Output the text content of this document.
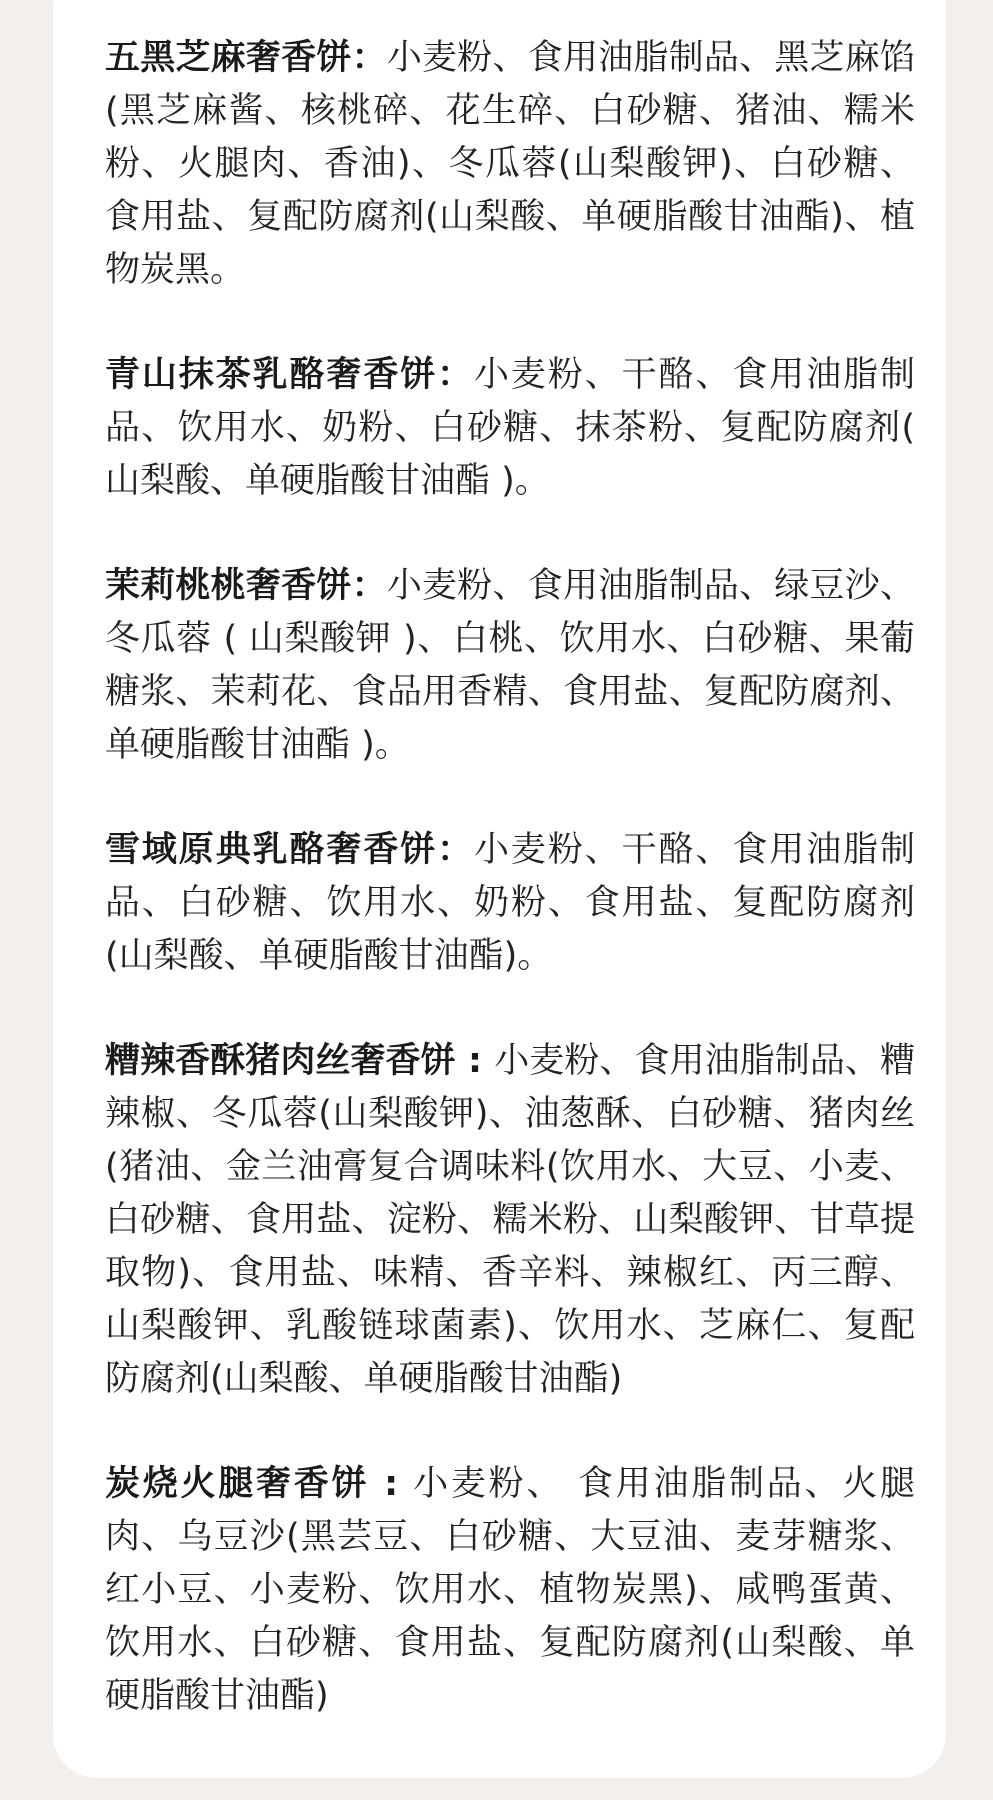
五黑芝麻奢香饼：小麦粉、食用油脂制品、黑芝麻馅(黑芝麻酱、核桃碎、花生碎、白砂糖、猪油、糯米粉、火腿肉、香油)、冬瓜蓉(山梨酸钾)、白砂糖、食用盐、复配防腐剂(山梨酸、单硬脂酸甘油酯)、植物炭黑。
青山抹茶乳酪奢香饼：小麦粉、干酪、食用油脂制品、饮用水、奶粉、白砂糖、抹茶粉、复配防腐剂( 山梨酸、单硬脂酸甘油酯 )。
茉莉桃桃奢香饼：小麦粉、食用油脂制品、绿豆沙、冬瓜蓉 ( 山梨酸钾 )、白桃、饮用水、白砂糖、果葡糖浆、茉莉花、食品用香精、食用盐、复配防腐剂、单硬脂酸甘油酯 )。
雪域原典乳酪奢香饼：小麦粉、干酪、食用油脂制品、白砂糖、饮用水、奶粉、食用盐、复配防腐剂(山梨酸、单硬脂酸甘油酯)。
糟辣香酥猪肉丝奢香饼 : 小麦粉、食用油脂制品、糟辣椒、冬瓜蓉(山梨酸钾)、油葱酥、白砂糖、猪肉丝(猪油、金兰油膏复合调味料(饮用水、大豆、小麦、白砂糖、食用盐、淀粉、糯米粉、山梨酸钾、甘草提取物)、食用盐、味精、香辛料、辣椒红、丙三醇、山梨酸钾、乳酸链球菌素)、饮用水、芝麻仁、复配防腐剂(山梨酸、单硬脂酸甘油酯)
炭烧火腿奢香饼 : 小麦粉、 食用油脂制品、火腿肉、乌豆沙(黑芸豆、白砂糖、大豆油、麦芽糖浆、红小豆、小麦粉、饮用水、植物炭黑)、咸鸭蛋黄、饮用水、白砂糖、食用盐、复配防腐剂(山梨酸、单硬脂酸甘油酯)
